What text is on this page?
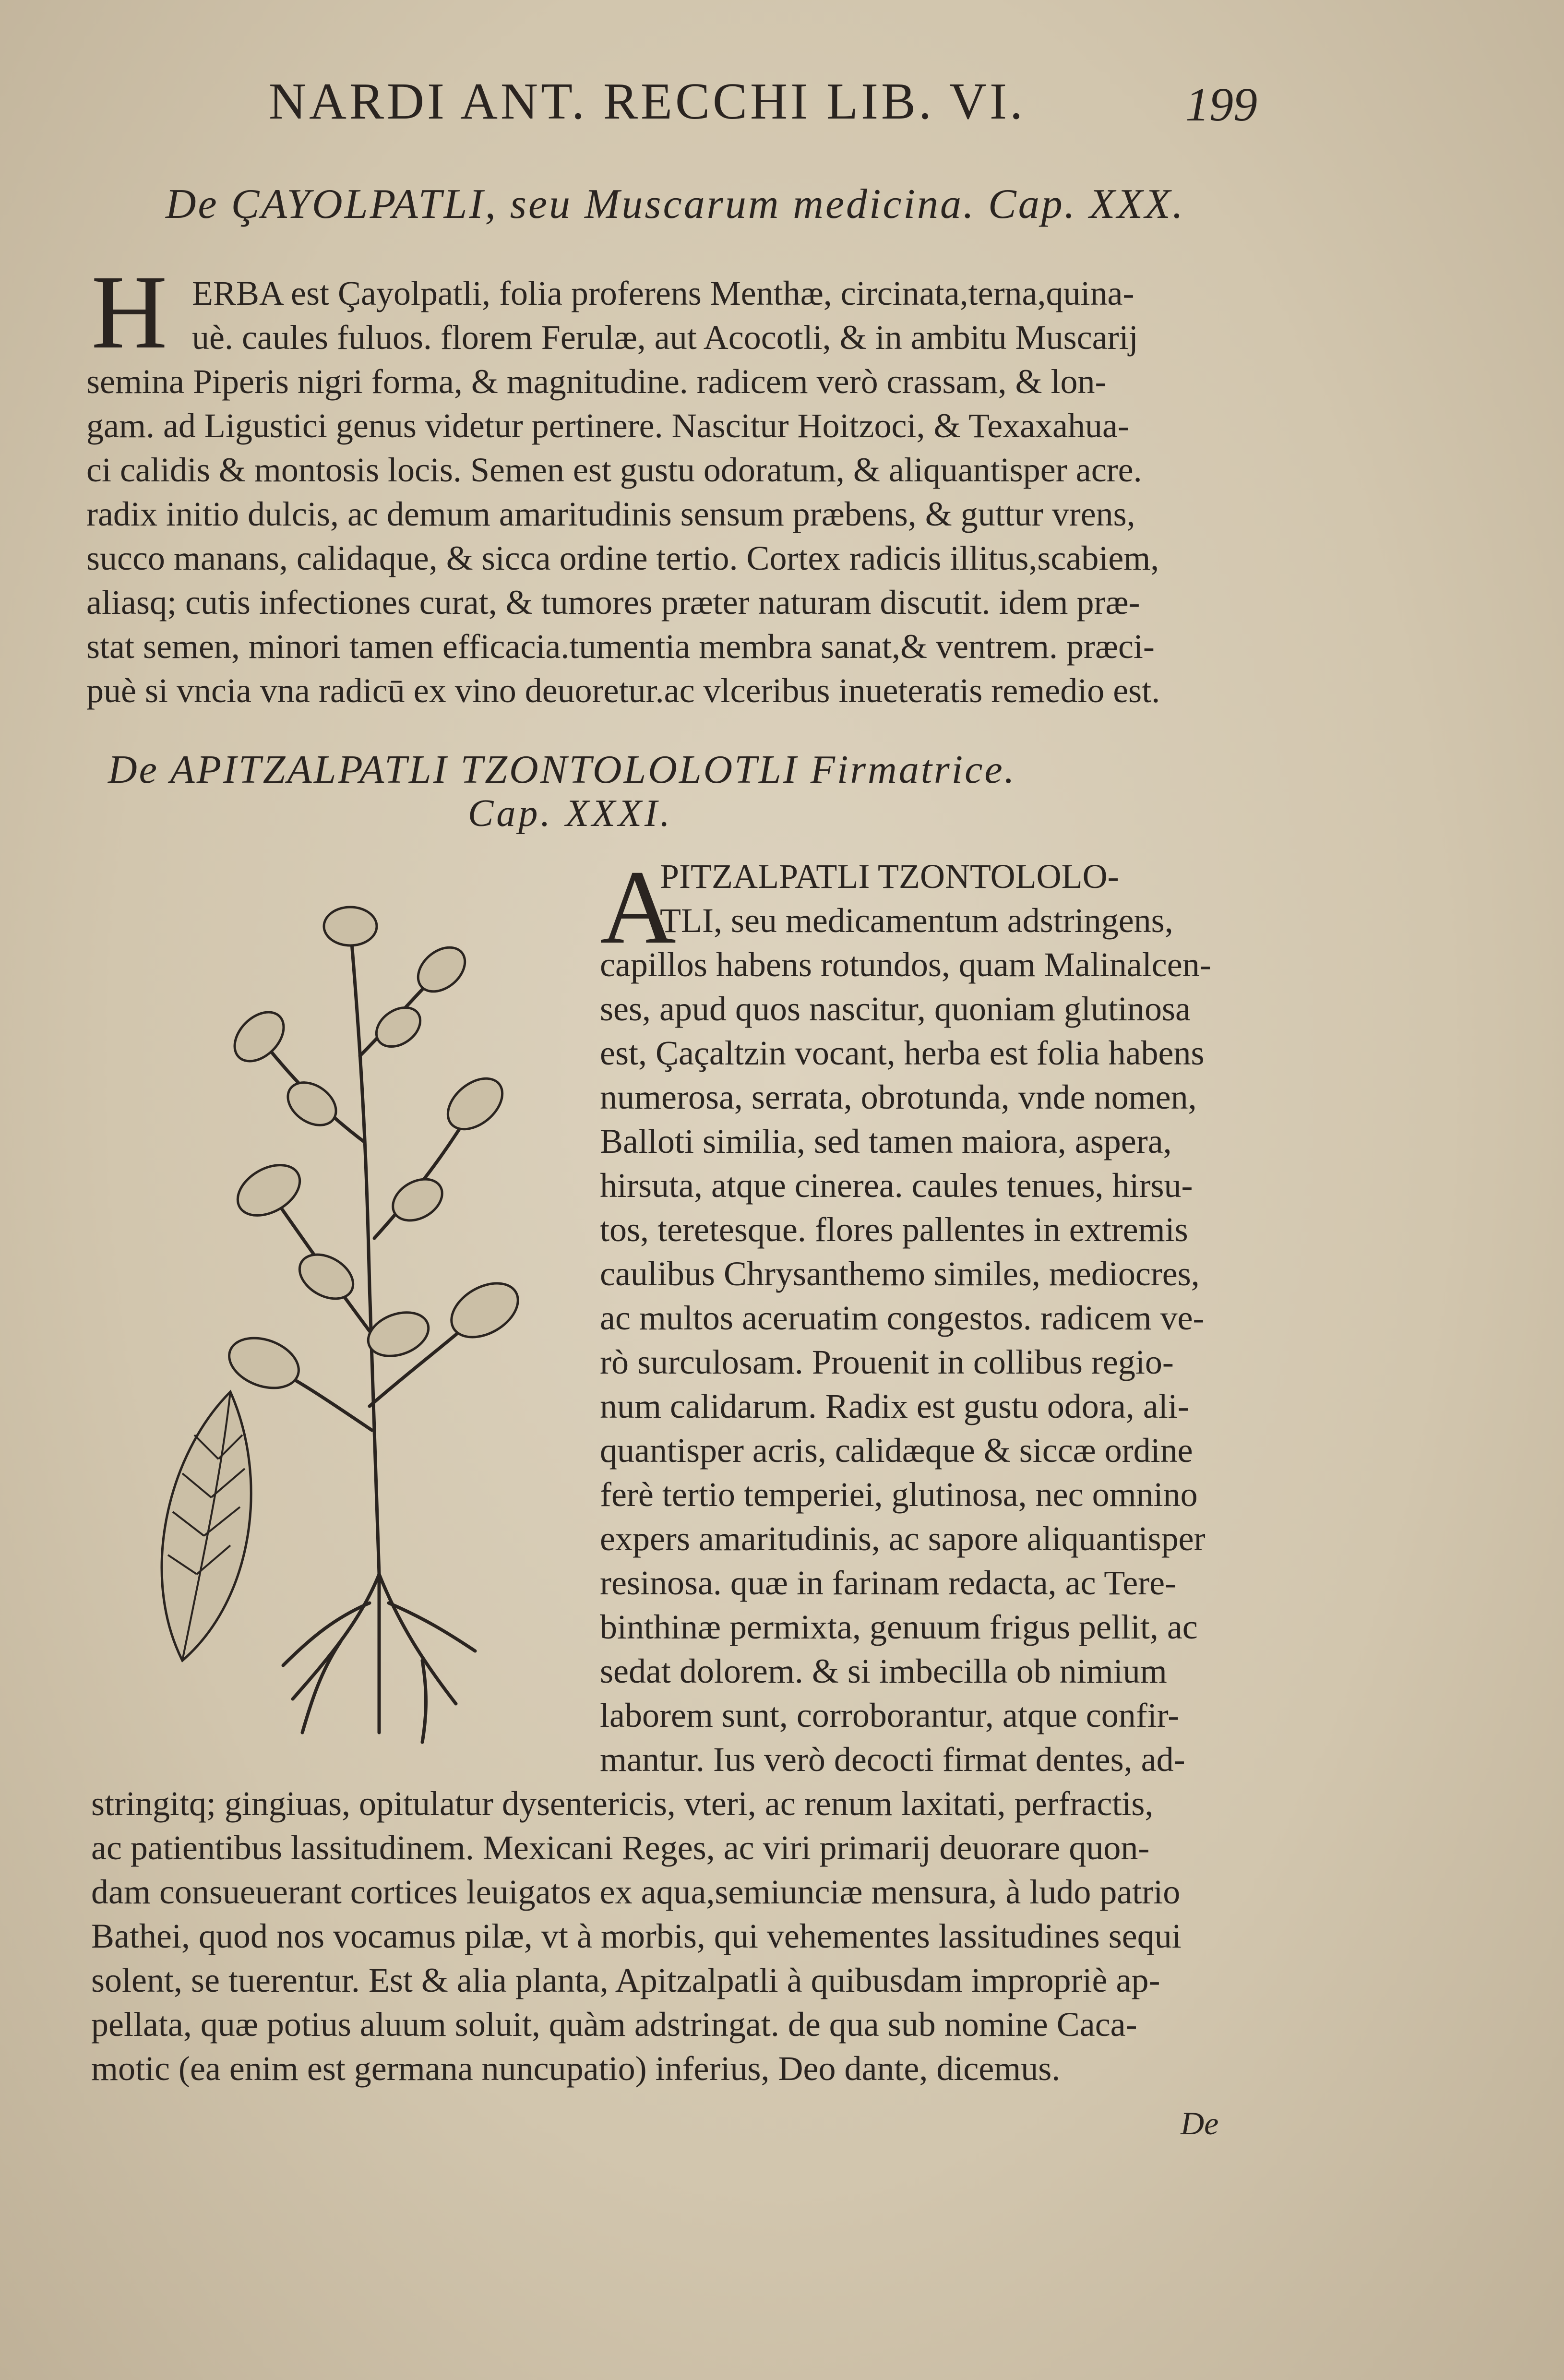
NARDI ANT. RECCHI LIB. VI.	199
De ÇAYOLPATLI, seu Muscarum medicina. Cap. XXX.
H ERBA est Çayolpatli, folia proferens Menthæ, circinata,terna,quina-
uè. caules fuluos. florem Ferulæ, aut Acocotli, & in ambitu Muscarij
semina Piperis nigri forma, & magnitudine. radicem verò crassam, & lon-
gam. ad Ligustici genus videtur pertinere. Nascitur Hoitzoci, & Texaxahua-
ci calidis & montosis locis. Semen est gustu odoratum, & aliquantisper acre.
radix initio dulcis, ac demum amaritudinis sensum præbens, & guttur vrens,
succo manans, calidaque, & sicca ordine tertio. Cortex radicis illitus,scabiem,
aliasq; cutis infectiones curat, & tumores præter naturam discutit. idem præ-
stat semen, minori tamen efficacia.tumentia membra sanat,& ventrem. præci-
puè si vncia vna radicū ex vino deuoretur.ac vlceribus inueteratis remedio est.
De APITZALPATLI TZONTOLOLOTLI Firmatrice.
Cap. XXXI.
A
PITZALPATLI TZONTOLOLO-
TLI, seu medicamentum adstringens,
capillos habens rotundos, quam Malinalcen-
ses, apud quos nascitur, quoniam glutinosa
est, Çaçaltzin vocant, herba est folia habens
numerosa, serrata, obrotunda, vnde nomen,
Balloti similia, sed tamen maiora, aspera,
hirsuta, atque cinerea. caules tenues, hirsu-
tos, teretesque. flores pallentes in extremis
caulibus Chrysanthemo similes, mediocres,
ac multos aceruatim congestos. radicem ve-
rò surculosam. Prouenit in collibus regio-
num calidarum. Radix est gustu odora, ali-
quantisper acris, calidæque & siccæ ordine
ferè tertio temperiei, glutinosa, nec omnino
expers amaritudinis, ac sapore aliquantisper
resinosa. quæ in farinam redacta, ac Tere-
binthinæ permixta, genuum frigus pellit, ac
sedat dolorem. & si imbecilla ob nimium
laborem sunt, corroborantur, atque confir-
mantur. Ius verò decocti firmat dentes, ad-
stringitq; gingiuas, opitulatur dysentericis, vteri, ac renum laxitati, perfractis,
ac patientibus lassitudinem. Mexicani Reges, ac viri primarij deuorare quon-
dam consueuerant cortices leuigatos ex aqua,semiunciæ mensura, à ludo patrio
Bathei, quod nos vocamus pilæ, vt à morbis, qui vehementes lassitudines sequi
solent, se tuerentur. Est & alia planta, Apitzalpatli à quibusdam impropriè ap-
pellata, quæ potius aluum soluit, quàm adstringat. de qua sub nomine Caca-
motic (ea enim est germana nuncupatio) inferius, Deo dante, dicemus.
De
